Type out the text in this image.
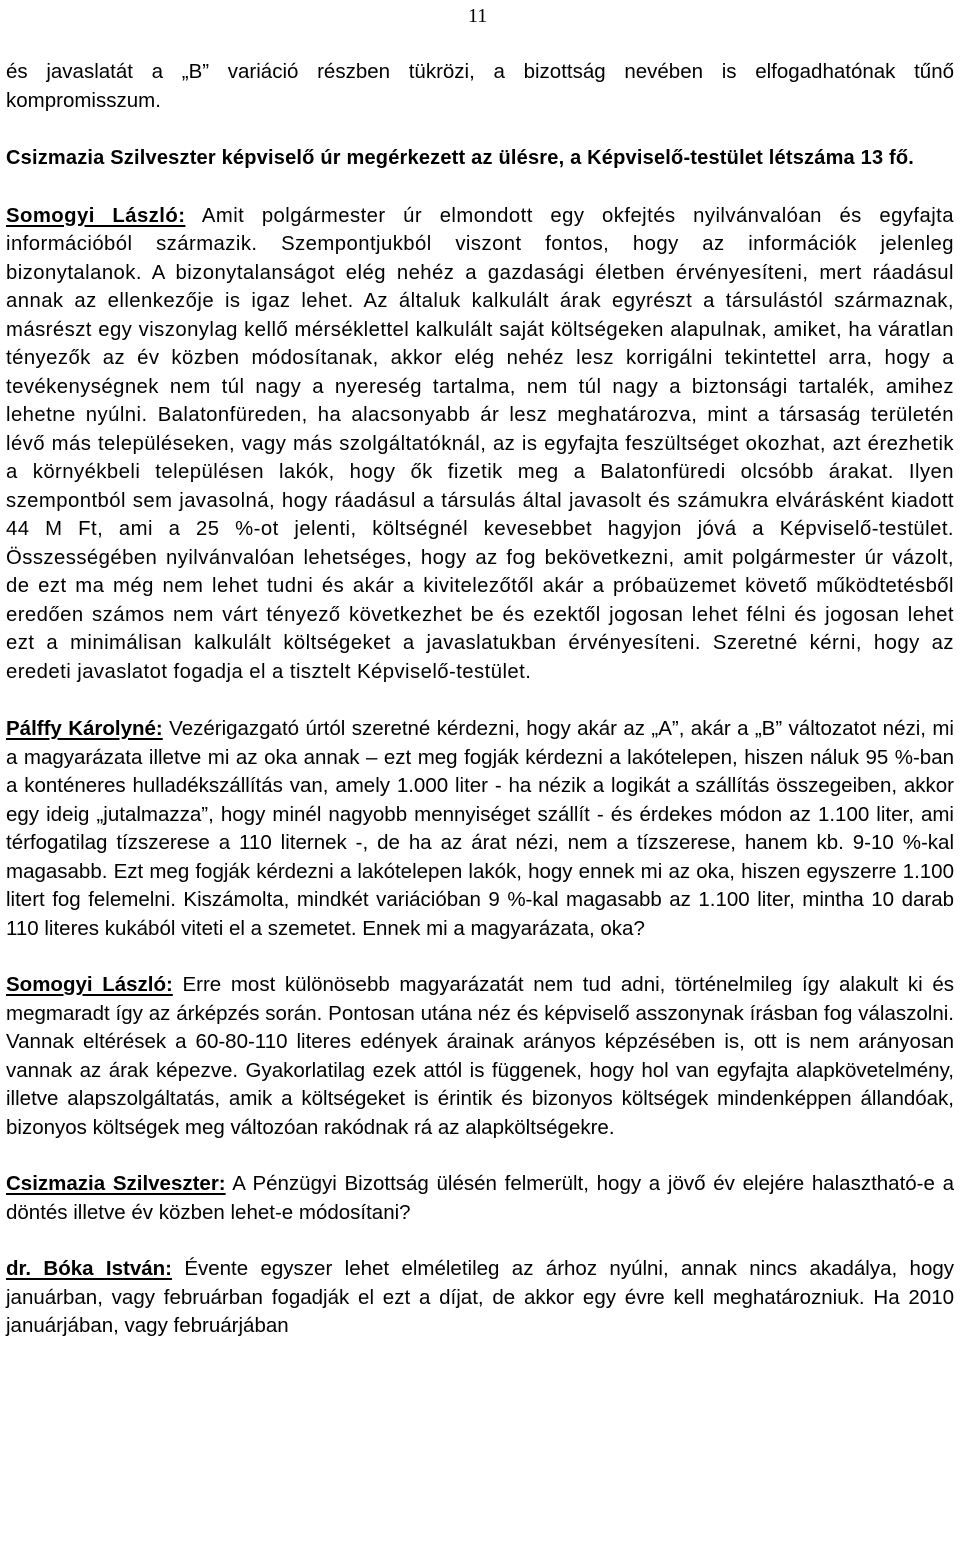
11

és javaslatát a „B” variáció részben tükrözi, a bizottság nevében is elfogadhatónak tűnő kompromisszum.

Csizmazia Szilveszter képviselő úr megérkezett az ülésre, a Képviselő-testület létszáma 13 fő.

Somogyi László: Amit polgármester úr elmondott egy okfejtés nyilvánvalóan és egyfajta információból származik. Szempontjukból viszont fontos, hogy az információk jelenleg bizonytalanok. A bizonytalanságot elég nehéz a gazdasági életben érvényesíteni, mert ráadásul annak az ellenkezője is igaz lehet. Az általuk kalkulált árak egyrészt a társulástól származnak, másrészt egy viszonylag kellő mérséklettel kalkulált saját költségeken alapulnak, amiket, ha váratlan tényezők az év közben módosítanak, akkor elég nehéz lesz korrigálni tekintettel arra, hogy a tevékenységnek nem túl nagy a nyereség tartalma, nem túl nagy a biztonsági tartalék, amihez lehetne nyúlni. Balatonfüreden, ha alacsonyabb ár lesz meghatározva, mint a társaság területén lévő más településeken, vagy más szolgáltatóknál, az is egyfajta feszültséget okozhat, azt érezhetik a környékbeli településen lakók, hogy ők fizetik meg a Balatonfüredi olcsóbb árakat. Ilyen szempontból sem javasolná, hogy ráadásul a társulás által javasolt és számukra elvárásként kiadott 44 M Ft, ami a 25 %-ot jelenti, költségnél kevesebbet hagyjon jóvá a Képviselő-testület. Összességében nyilvánvalóan lehetséges, hogy az fog bekövetkezni, amit polgármester úr vázolt, de ezt ma még nem lehet tudni és akár a kivitelezőtől akár a próbaüzemet követő működtetésből eredően számos nem várt tényező következhet be és ezektől jogosan lehet félni és jogosan lehet ezt a minimálisan kalkulált költségeket a javaslatukban érvényesíteni. Szeretné kérni, hogy az eredeti javaslatot fogadja el a tisztelt Képviselő-testület.

Pálffy Károlyné: Vezérigazgató úrtól szeretné kérdezni, hogy akár az „A”, akár a „B” változatot nézi, mi a magyarázata illetve mi az oka annak – ezt meg fogják kérdezni a lakótelepen, hiszen náluk 95 %-ban a konténeres hulladékszállítás van, amely 1.000 liter - ha nézik a logikát a szállítás összegeiben, akkor egy ideig „jutalmazza”, hogy minél nagyobb mennyiséget szállít - és érdekes módon az 1.100 liter, ami térfogatilag tízszerese a 110 liternek -, de ha az árat nézi, nem a tízszerese, hanem kb. 9-10 %-kal magasabb. Ezt meg fogják kérdezni a lakótelepen lakók, hogy ennek mi az oka, hiszen egyszerre 1.100 litert fog felemelni. Kiszámolta, mindkét variációban 9 %-kal magasabb az 1.100 liter, mintha 10 darab 110 literes kukából viteti el a szemetet. Ennek mi a magyarázata, oka?

Somogyi László: Erre most különösebb magyarázatát nem tud adni, történelmileg így alakult ki és megmaradt így az árképzés során. Pontosan utána néz és képviselő asszonynak írásban fog válaszolni. Vannak eltérések a 60-80-110 literes edények árainak arányos képzésében is, ott is nem arányosan vannak az árak képezve. Gyakorlatilag ezek attól is függenek, hogy hol van egyfajta alapkövetelmény, illetve alapszolgáltatás, amik a költségeket is érintik és bizonyos költségek mindenképpen állandóak, bizonyos költségek meg változóan rakódnak rá az alapköltségekre.

Csizmazia Szilveszter: A Pénzügyi Bizottság ülésén felmerült, hogy a jövő év elejére halasztható-e a döntés illetve év közben lehet-e módosítani?

dr. Bóka István: Évente egyszer lehet elméletileg az árhoz nyúlni, annak nincs akadálya, hogy januárban, vagy februárban fogadják el ezt a díjat, de akkor egy évre kell meghatározniuk. Ha 2010 januárjában, vagy februárjában
